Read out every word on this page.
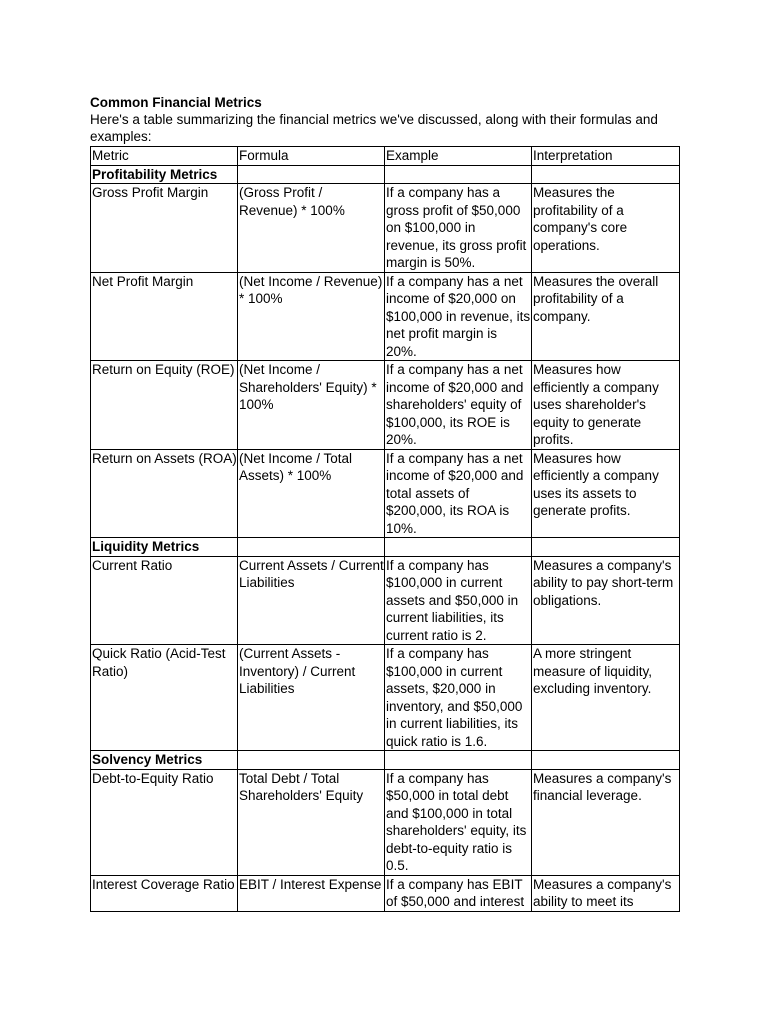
Common Financial Metrics

Here's a table summarizing the financial metrics we've discussed, along with their formulas and examples:

Metric	Formula	Example	Interpretation
Profitability Metrics			
Gross Profit Margin	(Gross Profit / Revenue) * 100%	If a company has a gross profit of $50,000 on $100,000 in revenue, its gross profit margin is 50%.	Measures the profitability of a company's core operations.
Net Profit Margin	(Net Income / Revenue) * 100%	If a company has a net income of $20,000 on $100,000 in revenue, its net profit margin is 20%.	Measures the overall profitability of a company.
Return on Equity (ROE)	(Net Income / Shareholders' Equity) * 100%	If a company has a net income of $20,000 and shareholders' equity of $100,000, its ROE is 20%.	Measures how efficiently a company uses shareholder's equity to generate profits.
Return on Assets (ROA)	(Net Income / Total Assets) * 100%	If a company has a net income of $20,000 and total assets of $200,000, its ROA is 10%.	Measures how efficiently a company uses its assets to generate profits.
Liquidity Metrics			
Current Ratio	Current Assets / Current Liabilities	If a company has $100,000 in current assets and $50,000 in current liabilities, its current ratio is 2.	Measures a company's ability to pay short-term obligations.
Quick Ratio (Acid-Test Ratio)	(Current Assets - Inventory) / Current Liabilities	If a company has $100,000 in current assets, $20,000 in inventory, and $50,000 in current liabilities, its quick ratio is 1.6.	A more stringent measure of liquidity, excluding inventory.
Solvency Metrics			
Debt-to-Equity Ratio	Total Debt / Total Shareholders' Equity	If a company has $50,000 in total debt and $100,000 in total shareholders' equity, its debt-to-equity ratio is 0.5.	Measures a company's financial leverage.
Interest Coverage Ratio	EBIT / Interest Expense	If a company has EBIT of $50,000 and interest	Measures a company's ability to meet its
